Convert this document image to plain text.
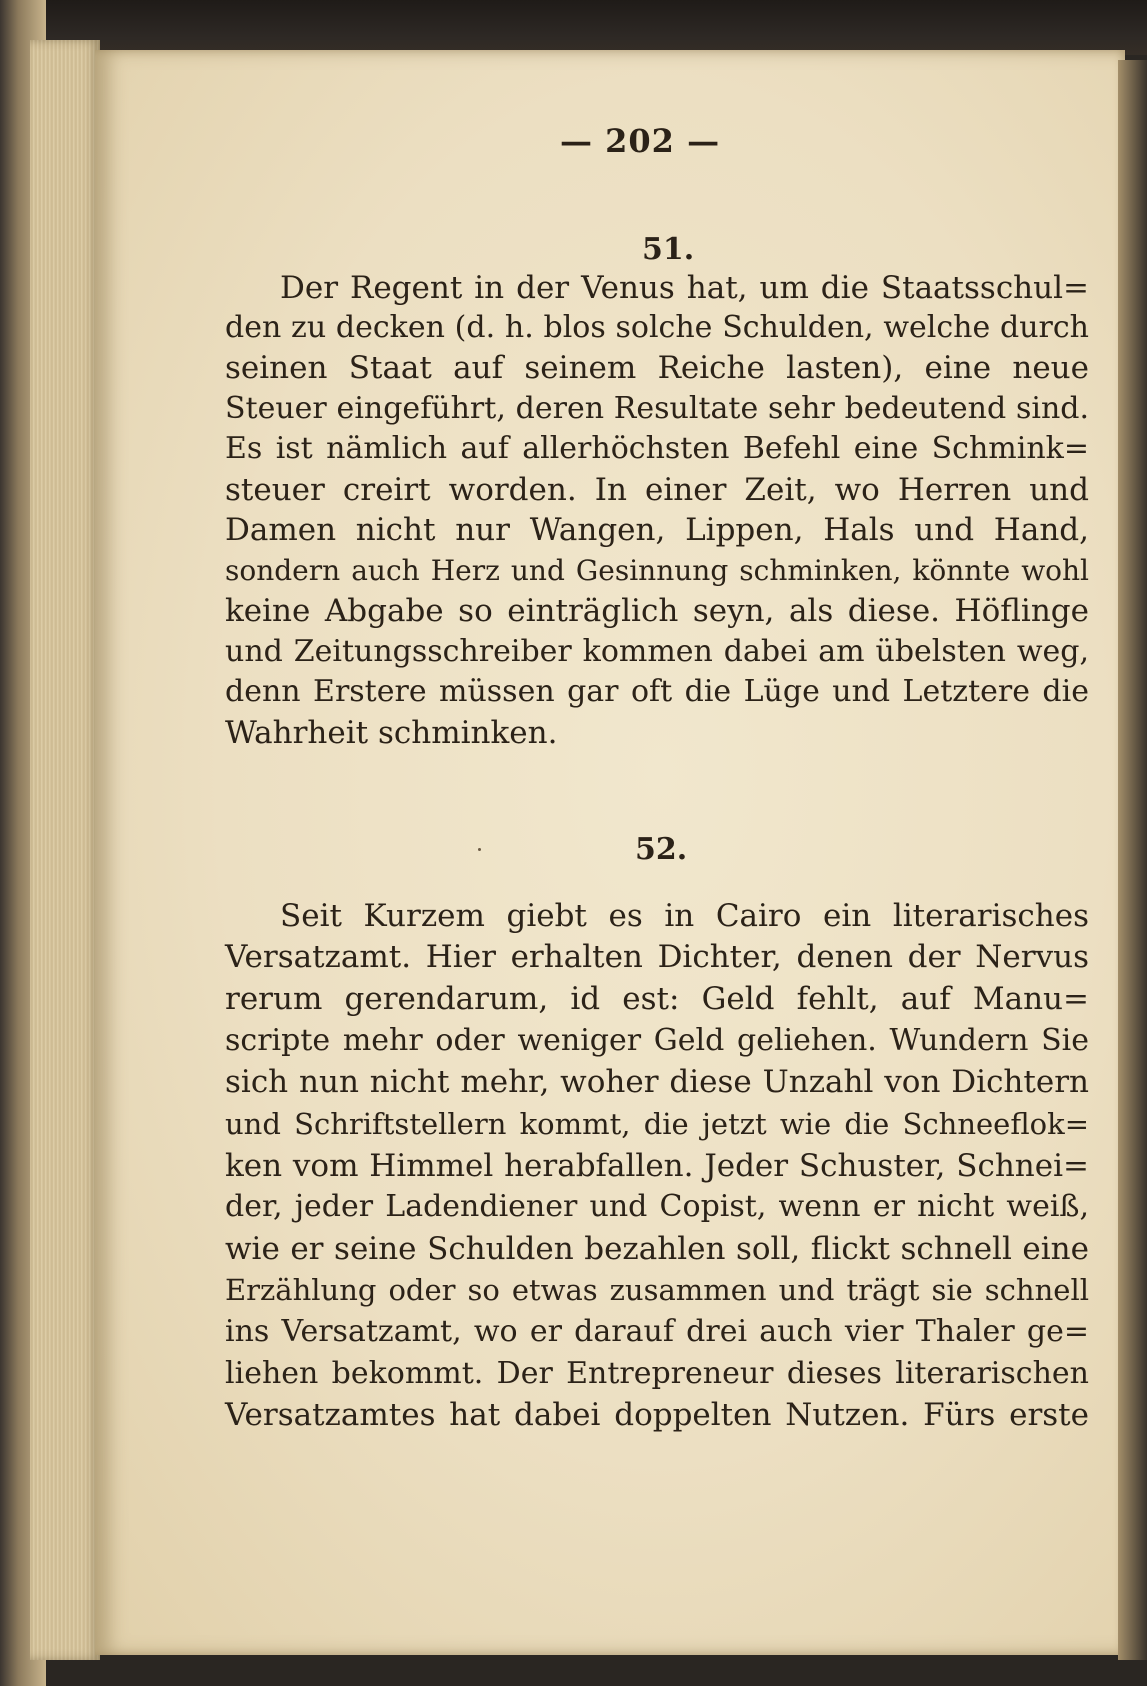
— 202 —
51.
Der Regent in der Venus hat, um die Staatsschul=
den zu decken (d. h. blos solche Schulden, welche durch
seinen Staat auf seinem Reiche lasten), eine neue
Steuer eingeführt, deren Resultate sehr bedeutend sind.
Es ist nämlich auf allerhöchsten Befehl eine Schmink=
steuer creirt worden. In einer Zeit, wo Herren und
Damen nicht nur Wangen, Lippen, Hals und Hand,
sondern auch Herz und Gesinnung schminken, könnte wohl
keine Abgabe so einträglich seyn, als diese. Höflinge
und Zeitungsschreiber kommen dabei am übelsten weg,
denn Erstere müssen gar oft die Lüge und Letztere die
Wahrheit schminken.
52.
Seit Kurzem giebt es in Cairo ein literarisches
Versatzamt. Hier erhalten Dichter, denen der Nervus
rerum gerendarum, id est: Geld fehlt, auf Manu=
scripte mehr oder weniger Geld geliehen. Wundern Sie
sich nun nicht mehr, woher diese Unzahl von Dichtern
und Schriftstellern kommt, die jetzt wie die Schneeflok=
ken vom Himmel herabfallen. Jeder Schuster, Schnei=
der, jeder Ladendiener und Copist, wenn er nicht weiß,
wie er seine Schulden bezahlen soll, flickt schnell eine
Erzählung oder so etwas zusammen und trägt sie schnell
ins Versatzamt, wo er darauf drei auch vier Thaler ge=
liehen bekommt. Der Entrepreneur dieses literarischen
Versatzamtes hat dabei doppelten Nutzen. Fürs erste
